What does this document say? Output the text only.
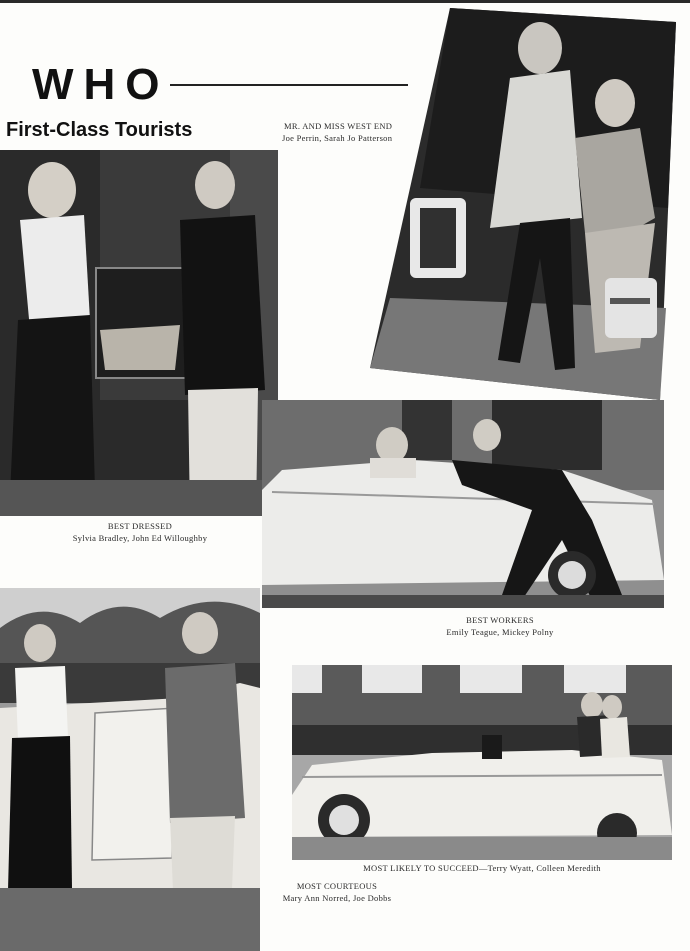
WHO
First-Class Tourists	MR. AND MISS WEST END
Joe Perrin, Sarah Jo Patterson
BEST DRESSED
Sylvia Bradley, John Ed Willoughby
BEST WORKERS
Emily Teague, Mickey Polny
MOST LIKELY TO SUCCEED—Terry Wyatt, Colleen Meredith
MOST COURTEOUS
Mary Ann Norred, Joe Dobbs
